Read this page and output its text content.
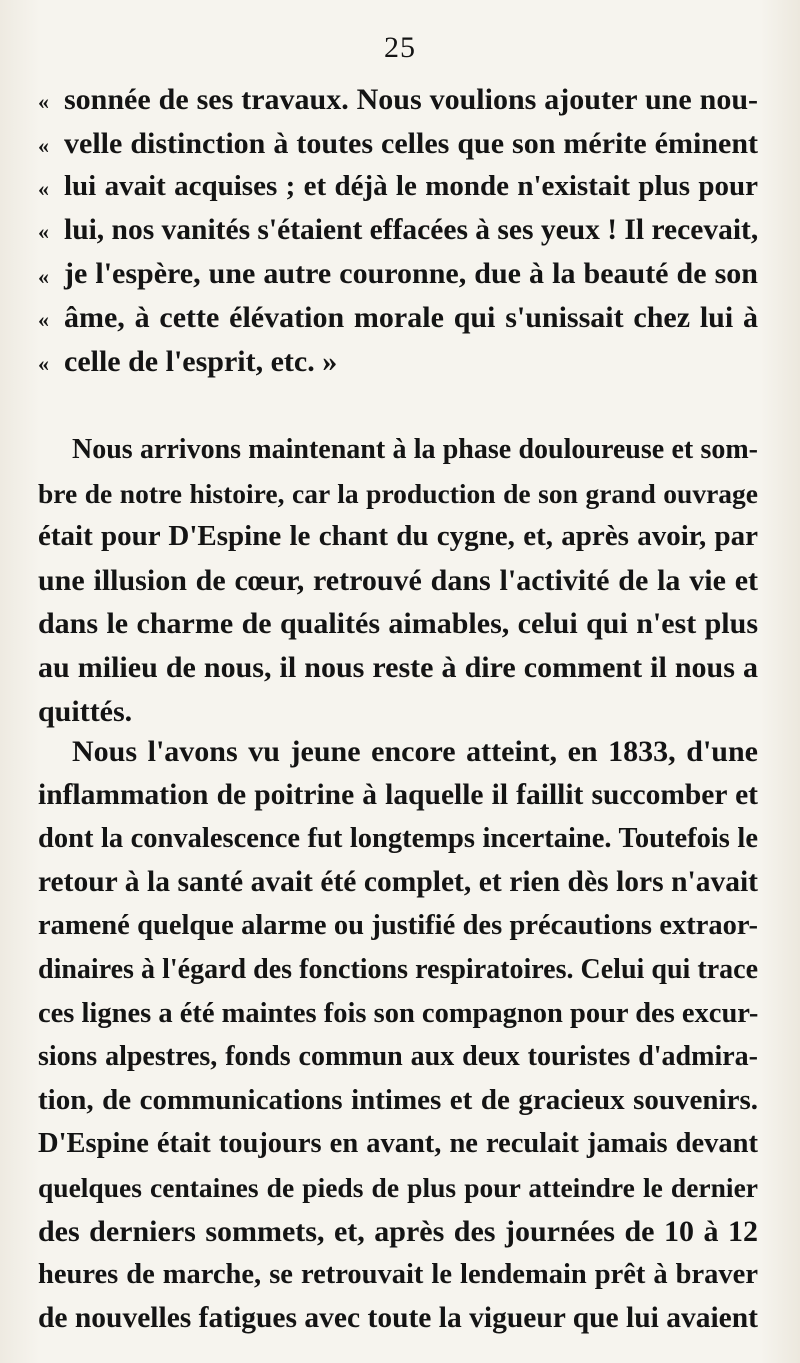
25
« sonnée de ses travaux. Nous voulions ajouter une nou-
« velle distinction à toutes celles que son mérite éminent
« lui avait acquises ; et déjà le monde n'existait plus pour
« lui, nos vanités s'étaient effacées à ses yeux ! Il recevait,
« je l'espère, une autre couronne, due à la beauté de son
« âme, à cette élévation morale qui s'unissait chez lui à
« celle de l'esprit, etc. »
Nous arrivons maintenant à la phase douloureuse et som-
bre de notre histoire, car la production de son grand ouvrage
était pour D'Espine le chant du cygne, et, après avoir, par
une illusion de cœur, retrouvé dans l'activité de la vie et
dans le charme de qualités aimables, celui qui n'est plus
au milieu de nous, il nous reste à dire comment il nous a
quittés.
Nous l'avons vu jeune encore atteint, en 1833, d'une
inflammation de poitrine à laquelle il faillit succomber et
dont la convalescence fut longtemps incertaine. Toutefois le
retour à la santé avait été complet, et rien dès lors n'avait
ramené quelque alarme ou justifié des précautions extraor-
dinaires à l'égard des fonctions respiratoires. Celui qui trace
ces lignes a été maintes fois son compagnon pour des excur-
sions alpestres, fonds commun aux deux touristes d'admira-
tion, de communications intimes et de gracieux souvenirs.
D'Espine était toujours en avant, ne reculait jamais devant
quelques centaines de pieds de plus pour atteindre le dernier
des derniers sommets, et, après des journées de 10 à 12
heures de marche, se retrouvait le lendemain prêt à braver
de nouvelles fatigues avec toute la vigueur que lui avaient
